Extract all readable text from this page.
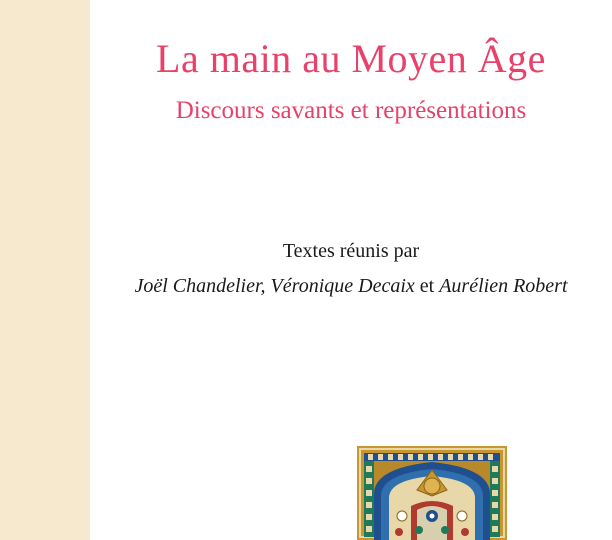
La main au Moyen Âge
Discours savants et représentations

Textes réunis par

Joël Chandelier, Véronique Decaix et Aurélien Robert
